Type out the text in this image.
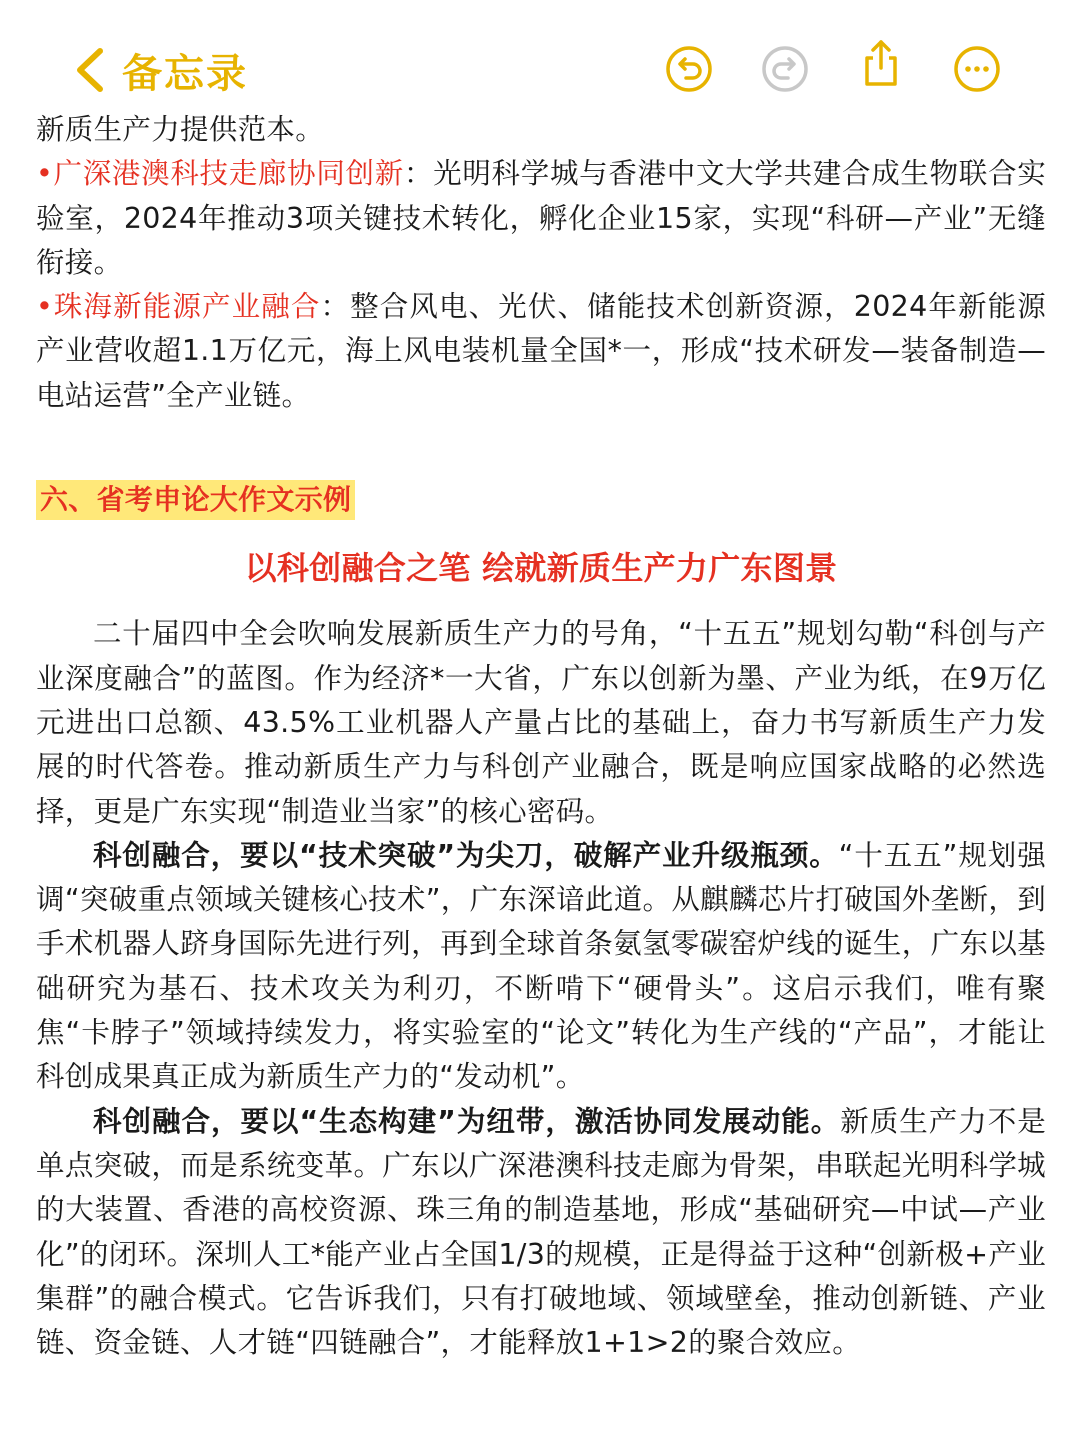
备忘录

新质生产力提供范本。

•广深港澳科技走廊协同创新：光明科学城与香港中文大学共建合成生物联合实验室，2024年推动3项关键技术转化，孵化企业15家，实现“科研—产业”无缝衔接。

•珠海新能源产业融合：整合风电、光伏、储能技术创新资源，2024年新能源产业营收超1.1万亿元，海上风电装机量全国*一，形成“技术研发—装备制造—电站运营”全产业链。

六、省考申论大作文示例

以科创融合之笔 绘就新质生产力广东图景

二十届四中全会吹响发展新质生产力的号角，“十五五”规划勾勒“科创与产业深度融合”的蓝图。作为经济*一大省，广东以创新为墨、产业为纸，在9万亿元进出口总额、43.5%工业机器人产量占比的基础上，奋力书写新质生产力发展的时代答卷。推动新质生产力与科创产业融合，既是响应国家战略的必然选择，更是广东实现“制造业当家”的核心密码。

科创融合，要以“技术突破”为尖刀，破解产业升级瓶颈。“十五五”规划强调“突破重点领域关键核心技术”，广东深谙此道。从麒麟芯片打破国外垄断，到手术机器人跻身国际先进行列，再到全球首条氨氢零碳窑炉线的诞生，广东以基础研究为基石、技术攻关为利刃，不断啃下“硬骨头”。这启示我们，唯有聚焦“卡脖子”领域持续发力，将实验室的“论文”转化为生产线的“产品”，才能让科创成果真正成为新质生产力的“发动机”。

科创融合，要以“生态构建”为纽带，激活协同发展动能。新质生产力不是单点突破，而是系统变革。广东以广深港澳科技走廊为骨架，串联起光明科学城的大装置、香港的高校资源、珠三角的制造基地，形成“基础研究—中试—产业化”的闭环。深圳人工*能产业占全国1/3的规模，正是得益于这种“创新极+产业集群”的融合模式。它告诉我们，只有打破地域、领域壁垒，推动创新链、产业链、资金链、人才链“四链融合”，才能释放1+1>2的聚合效应。
